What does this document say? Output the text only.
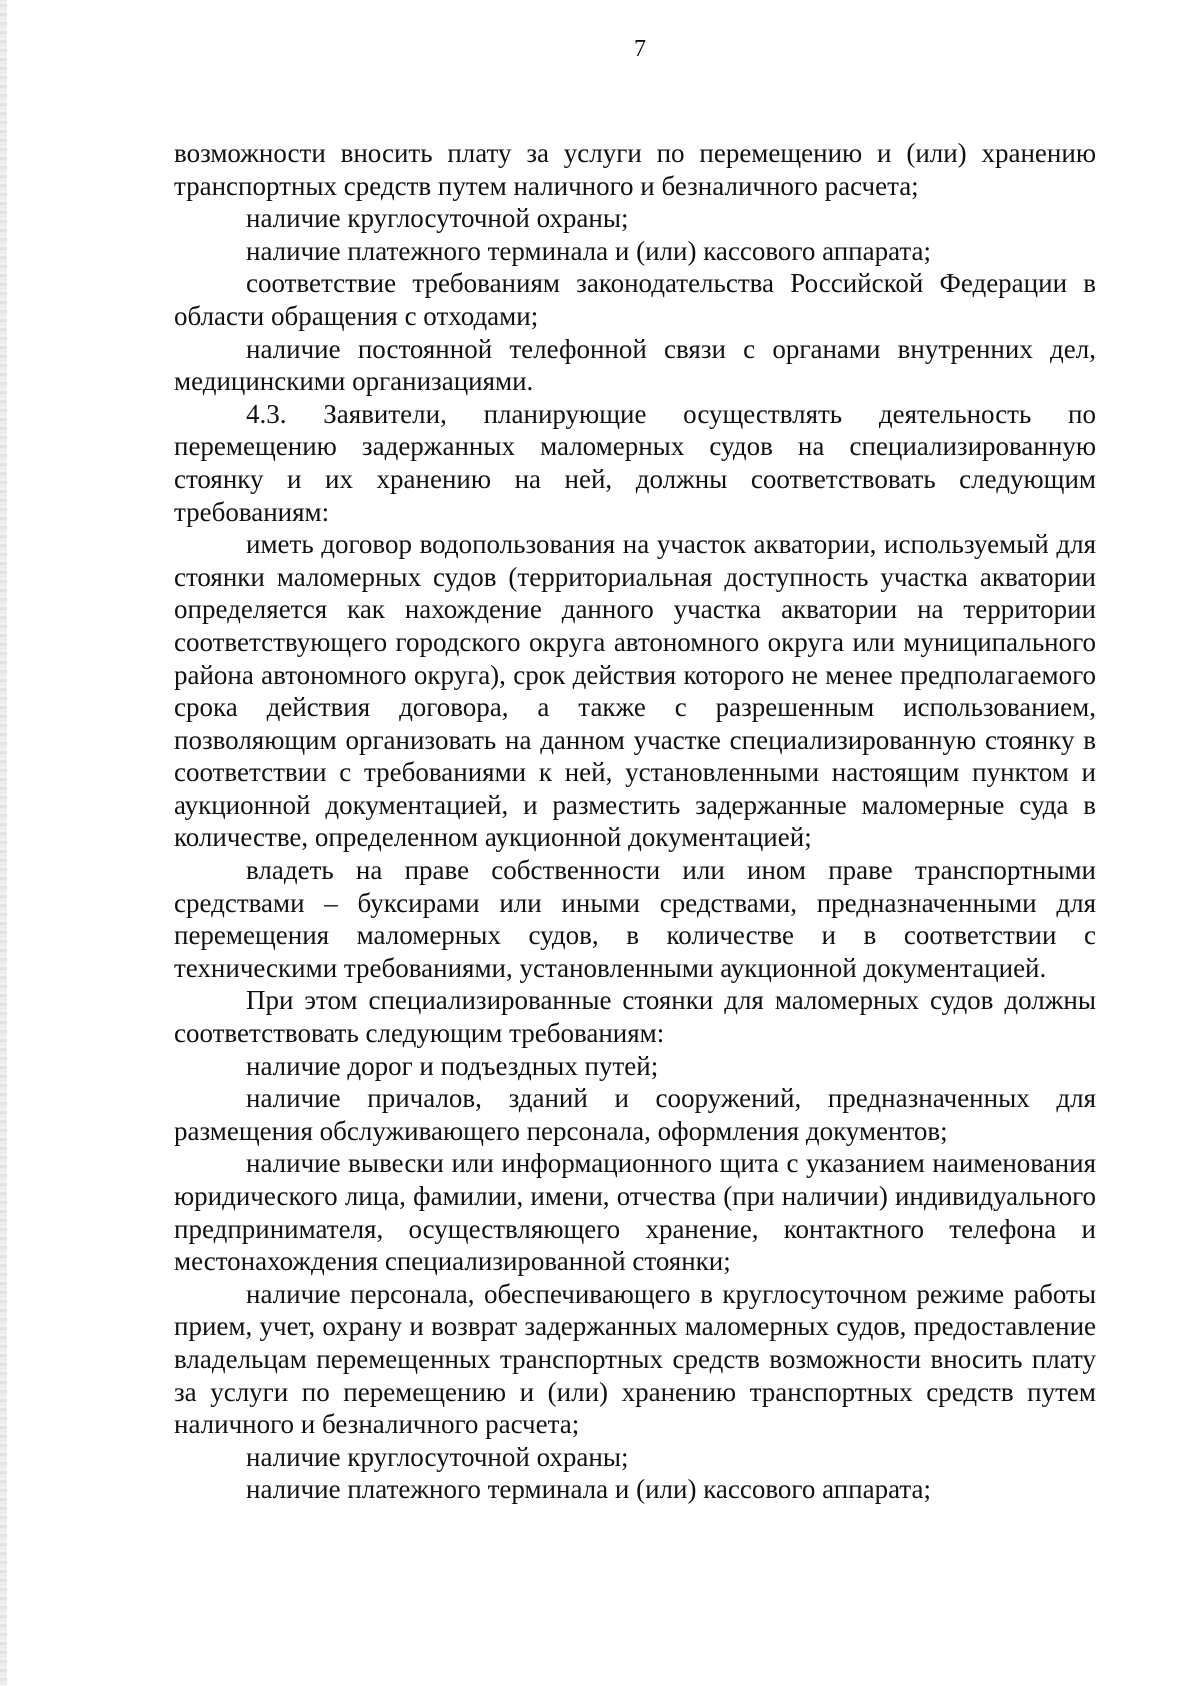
7

возможности вносить плату за услуги по перемещению и (или) хранению транспортных средств путем наличного и безналичного расчета;

наличие круглосуточной охраны;

наличие платежного терминала и (или) кассового аппарата;

соответствие требованиям законодательства Российской Федерации в области обращения с отходами;

наличие постоянной телефонной связи с органами внутренних дел, медицинскими организациями.

4.3. Заявители, планирующие осуществлять деятельность по перемещению задержанных маломерных судов на специализированную стоянку и их хранению на ней, должны соответствовать следующим требованиям:

иметь договор водопользования на участок акватории, используемый для стоянки маломерных судов (территориальная доступность участка акватории определяется как нахождение данного участка акватории на территории соответствующего городского округа автономного округа или муниципального района автономного округа), срок действия которого не менее предполагаемого срока действия договора, а также с разрешенным использованием, позволяющим организовать на данном участке специализированную стоянку в соответствии с требованиями к ней, установленными настоящим пунктом и аукционной документацией, и разместить задержанные маломерные суда в количестве, определенном аукционной документацией;

владеть на праве собственности или ином праве транспортными средствами – буксирами или иными средствами, предназначенными для перемещения маломерных судов, в количестве и в соответствии с техническими требованиями, установленными аукционной документацией.

При этом специализированные стоянки для маломерных судов должны соответствовать следующим требованиям:

наличие дорог и подъездных путей;

наличие причалов, зданий и сооружений, предназначенных для размещения обслуживающего персонала, оформления документов;

наличие вывески или информационного щита с указанием наименования юридического лица, фамилии, имени, отчества (при наличии) индивидуального предпринимателя, осуществляющего хранение, контактного телефона и местонахождения специализированной стоянки;

наличие персонала, обеспечивающего в круглосуточном режиме работы прием, учет, охрану и возврат задержанных маломерных судов, предоставление владельцам перемещенных транспортных средств возможности вносить плату за услуги по перемещению и (или) хранению транспортных средств путем наличного и безналичного расчета;

наличие круглосуточной охраны;

наличие платежного терминала и (или) кассового аппарата;
